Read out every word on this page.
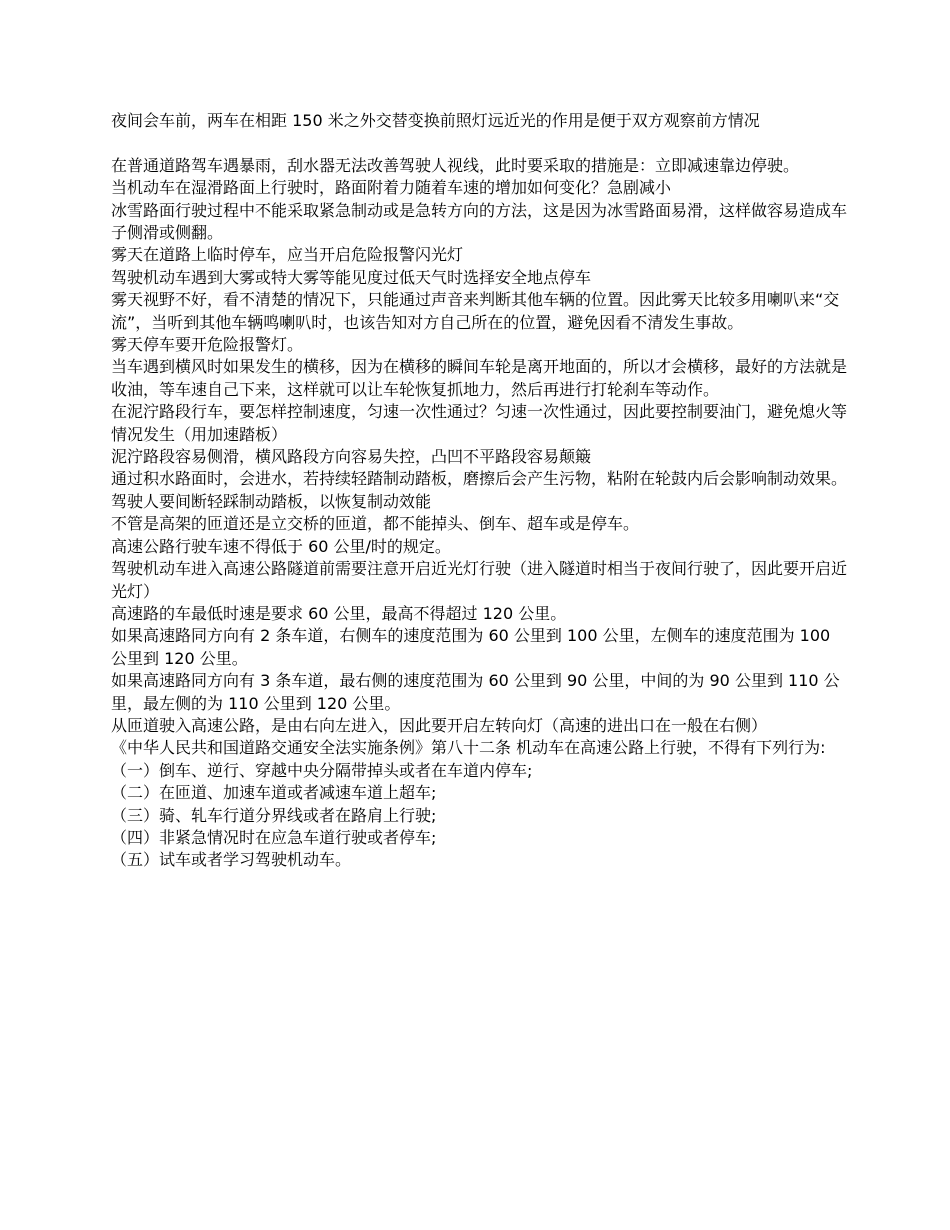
夜间会车前，两车在相距 150 米之外交替变换前照灯远近光的作用是便于双方观察前方情况

在普通道路驾车遇暴雨，刮水器无法改善驾驶人视线，此时要采取的措施是：立即减速靠边停驶。

当机动车在湿滑路面上行驶时，路面附着力随着车速的增加如何变化？急剧减小

冰雪路面行驶过程中不能采取紧急制动或是急转方向的方法，这是因为冰雪路面易滑，这样做容易造成车子侧滑或侧翻。

雾天在道路上临时停车，应当开启危险报警闪光灯

驾驶机动车遇到大雾或特大雾等能见度过低天气时选择安全地点停车

雾天视野不好，看不清楚的情况下，只能通过声音来判断其他车辆的位置。因此雾天比较多用喇叭来“交流”，当听到其他车辆鸣喇叭时，也该告知对方自己所在的位置，避免因看不清发生事故。

雾天停车要开危险报警灯。

当车遇到横风时如果发生的横移，因为在横移的瞬间车轮是离开地面的，所以才会横移，最好的方法就是收油，等车速自己下来，这样就可以让车轮恢复抓地力，然后再进行打轮刹车等动作。

在泥泞路段行车，要怎样控制速度，匀速一次性通过？匀速一次性通过，因此要控制要油门，避免熄火等情况发生（用加速踏板）

泥泞路段容易侧滑，横风路段方向容易失控，凸凹不平路段容易颠簸

通过积水路面时，会进水，若持续轻踏制动踏板，磨擦后会产生污物，粘附在轮鼓内后会影响制动效果。驾驶人要间断轻踩制动踏板，以恢复制动效能

不管是高架的匝道还是立交桥的匝道，都不能掉头、倒车、超车或是停车。

高速公路行驶车速不得低于 60 公里/时的规定。

驾驶机动车进入高速公路隧道前需要注意开启近光灯行驶（进入隧道时相当于夜间行驶了，因此要开启近光灯）

高速路的车最低时速是要求 60 公里，最高不得超过 120 公里。

如果高速路同方向有 2 条车道，右侧车的速度范围为 60 公里到 100 公里，左侧车的速度范围为 100 公里到 120 公里。

如果高速路同方向有 3 条车道，最右侧的速度范围为 60 公里到 90 公里，中间的为 90 公里到 110 公里，最左侧的为 110 公里到 120 公里。

从匝道驶入高速公路，是由右向左进入，因此要开启左转向灯（高速的进出口在一般在右侧）

《中华人民共和国道路交通安全法实施条例》第八十二条 机动车在高速公路上行驶，不得有下列行为:

（一）倒车、逆行、穿越中央分隔带掉头或者在车道内停车;

（二）在匝道、加速车道或者减速车道上超车;

（三）骑、轧车行道分界线或者在路肩上行驶;

（四）非紧急情况时在应急车道行驶或者停车;

（五）试车或者学习驾驶机动车。
